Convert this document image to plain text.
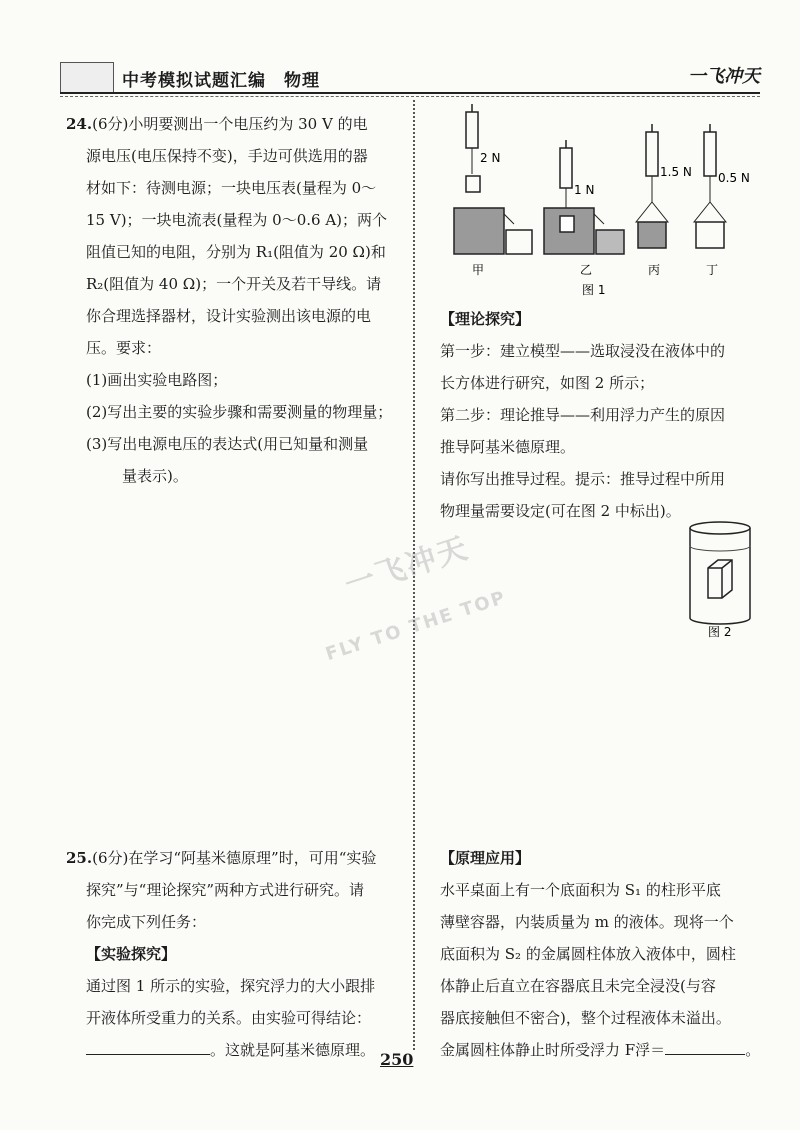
中考模拟试题汇编　物理	一飞冲天

24.(6分)小明要测出一个电压约为 30 V 的电

源电压(电压保持不变)，手边可供选用的器

材如下：待测电源；一块电压表(量程为 0～

15 V)；一块电流表(量程为 0～0.6 A)；两个

阻值已知的电阻，分别为 R₁(阻值为 20 Ω)和

R₂(阻值为 40 Ω)；一个开关及若干导线。请

你合理选择器材，设计实验测出该电源的电

压。要求：

(1)画出实验电路图；

(2)写出主要的实验步骤和需要测量的物理量；

(3)写出电源电压的表达式(用已知量和测量

量表示)。

2 N
1 N
1.5 N 0.5 N
甲	乙	丙	丁
图 1

【理论探究】

第一步：建立模型——选取浸没在液体中的

长方体进行研究，如图 2 所示；

第二步：理论推导——利用浮力产生的原因

推导阿基米德原理。

请你写出推导过程。提示：推导过程中所用

物理量需要设定(可在图 2 中标出)。

图 2
一飞冲天
FLY TO THE TOP

25.(6分)在学习“阿基米德原理”时，可用“实验

探究”与“理论探究”两种方式进行研究。请

你完成下列任务：

【实验探究】

通过图 1 所示的实验，探究浮力的大小跟排

开液体所受重力的关系。由实验可得结论：

。这就是阿基米德原理。

【原理应用】

水平桌面上有一个底面积为 S₁ 的柱形平底

薄壁容器，内装质量为 m 的液体。现将一个

底面积为 S₂ 的金属圆柱体放入液体中，圆柱

体静止后直立在容器底且未完全浸没(与容

器底接触但不密合)，整个过程液体未溢出。

金属圆柱体静止时所受浮力 F浮＝	。

250
